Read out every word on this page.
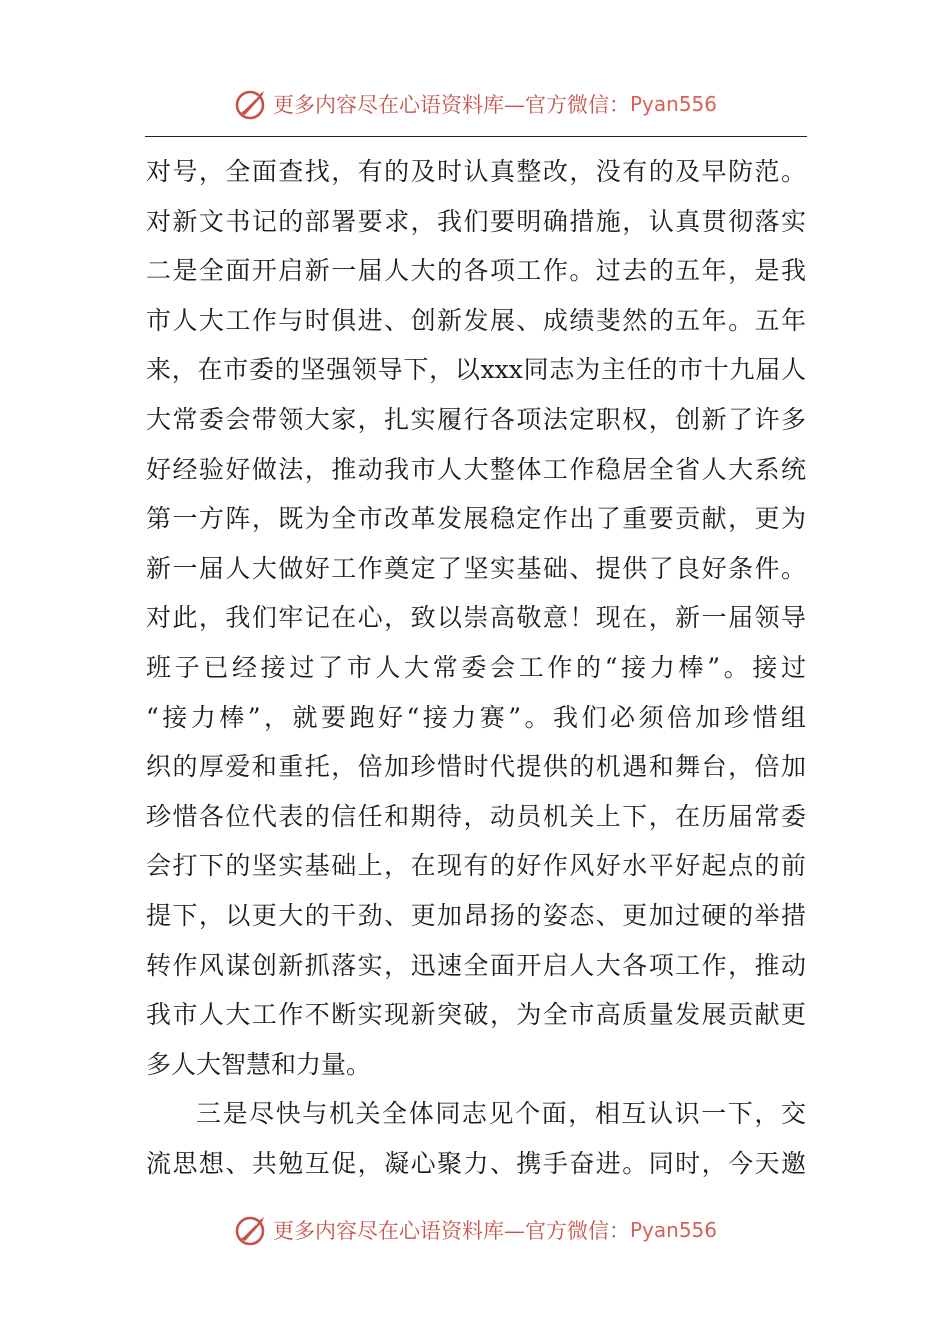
更多内容尽在心语资料库—官方微信： Pyan556
对号，全面查找，有的及时认真整改，没有的及早防范。
对新文书记的部署要求，我们要明确措施，认真贯彻落实
二是全面开启新一届人大的各项工作。过去的五年，是我
市人大工作与时俱进、创新发展、成绩斐然的五年。五年
来，在市委的坚强领导下，以xxx同志为主任的市十九届人
大常委会带领大家，扎实履行各项法定职权，创新了许多
好经验好做法，推动我市人大整体工作稳居全省人大系统
第一方阵，既为全市改革发展稳定作出了重要贡献，更为
新一届人大做好工作奠定了坚实基础、提供了良好条件。
对此，我们牢记在心，致以崇高敬意！现在，新一届领导
班子已经接过了市人大常委会工作的“接力棒”。接过
“接力棒”，就要跑好“接力赛”。我们必须倍加珍惜组
织的厚爱和重托，倍加珍惜时代提供的机遇和舞台，倍加
珍惜各位代表的信任和期待，动员机关上下，在历届常委
会打下的坚实基础上，在现有的好作风好水平好起点的前
提下，以更大的干劲、更加昂扬的姿态、更加过硬的举措
转作风谋创新抓落实，迅速全面开启人大各项工作，推动
我市人大工作不断实现新突破，为全市高质量发展贡献更
多人大智慧和力量。
三是尽快与机关全体同志见个面，相互认识一下，交
流思想、共勉互促，凝心聚力、携手奋进。同时，今天邀
更多内容尽在心语资料库—官方微信： Pyan556
